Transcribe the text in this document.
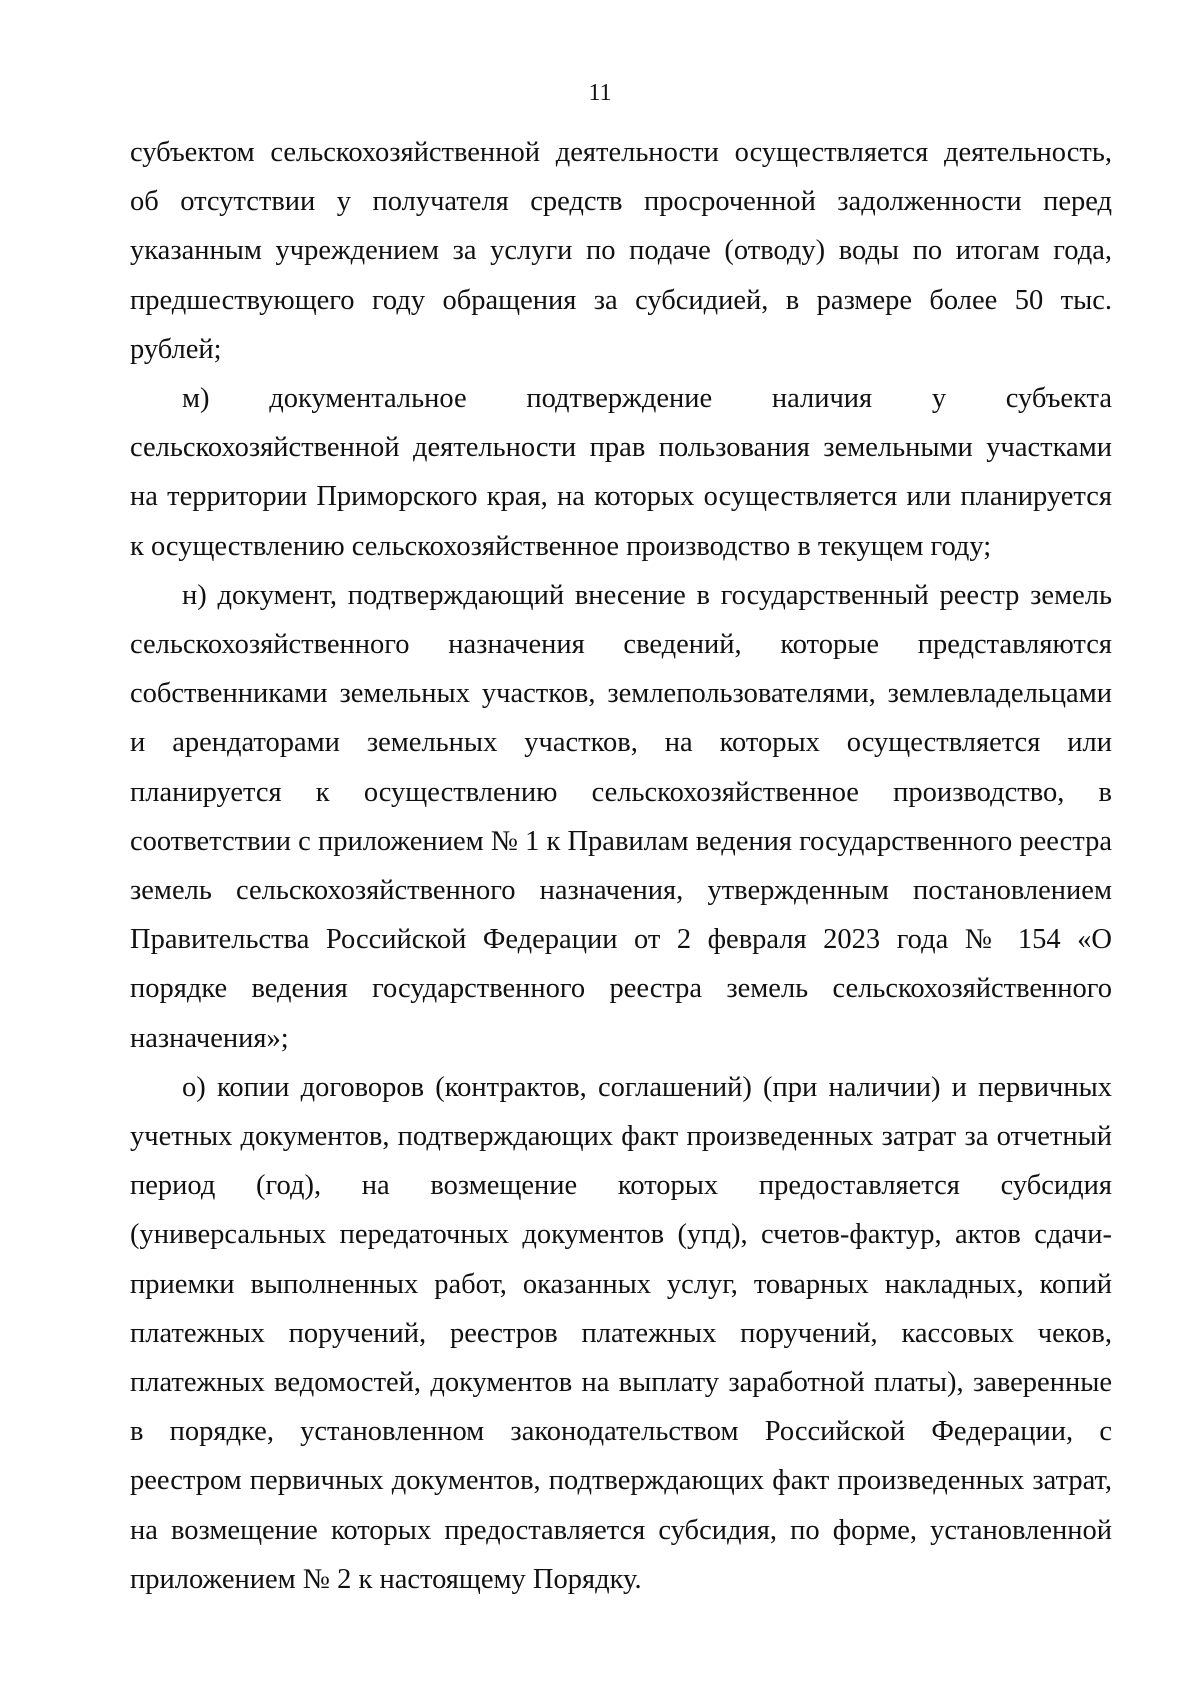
11

субъектом сельскохозяйственной деятельности осуществляется деятельность, об отсутствии у получателя средств просроченной задолженности перед указанным учреждением за услуги по подаче (отводу) воды по итогам года, предшествующего году обращения за субсидией, в размере более 50 тыс. рублей;

м) документальное подтверждение наличия у субъекта сельскохозяйственной деятельности прав пользования земельными участками на территории Приморского края, на которых осуществляется или планируется к осуществлению сельскохозяйственное производство в текущем году;

н) документ, подтверждающий внесение в государственный реестр земель сельскохозяйственного назначения сведений, которые представляются собственниками земельных участков, землепользователями, землевладельцами и арендаторами земельных участков, на которых осуществляется или планируется к осуществлению сельскохозяйственное производство, в соответствии с приложением № 1 к Правилам ведения государственного реестра земель сельскохозяйственного назначения, утвержденным постановлением Правительства Российской Федерации от 2 февраля 2023 года № 154 «О порядке ведения государственного реестра земель сельскохозяйственного назначения»;

о) копии договоров (контрактов, соглашений) (при наличии) и первичных учетных документов, подтверждающих факт произведенных затрат за отчетный период (год), на возмещение которых предоставляется субсидия (универсальных передаточных документов (упд), счетов-фактур, актов сдачи-приемки выполненных работ, оказанных услуг, товарных накладных, копий платежных поручений, реестров платежных поручений, кассовых чеков, платежных ведомостей, документов на выплату заработной платы), заверенные в порядке, установленном законодательством Российской Федерации, с реестром первичных документов, подтверждающих факт произведенных затрат, на возмещение которых предоставляется субсидия, по форме, установленной приложением № 2 к настоящему Порядку.
